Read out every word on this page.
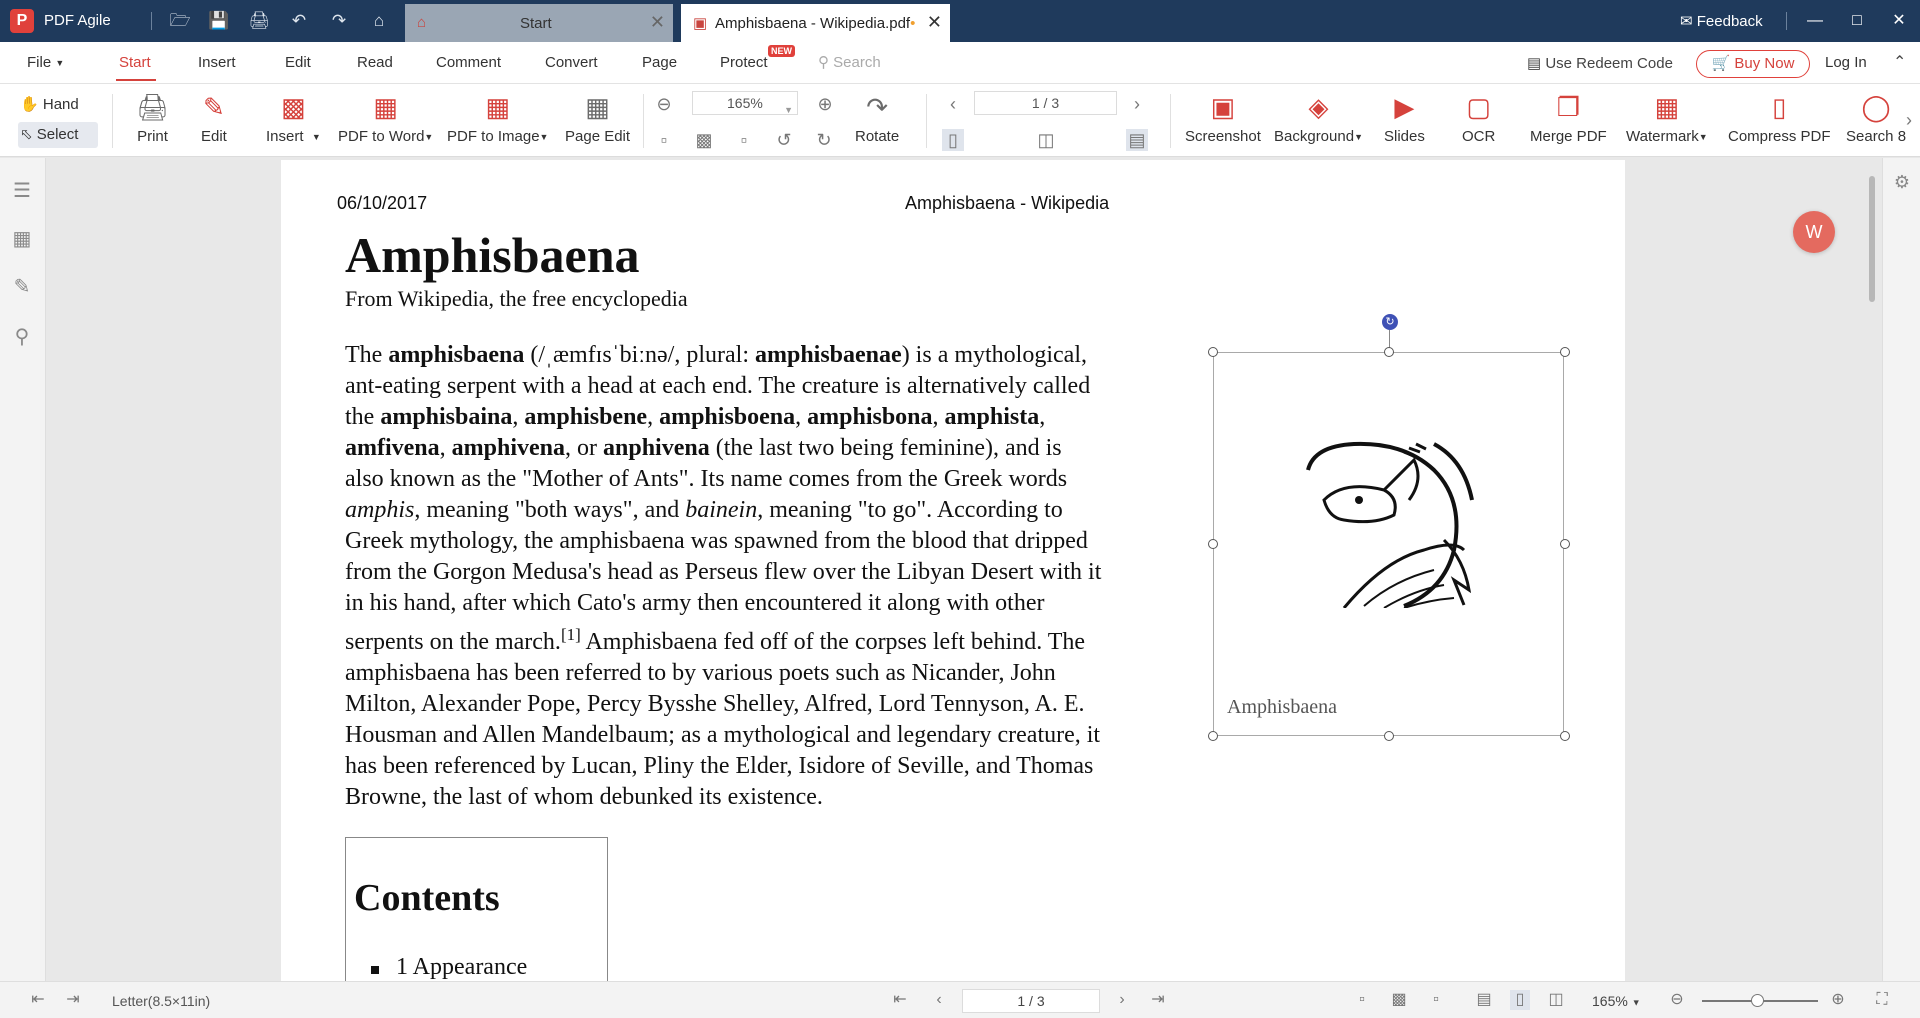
P	PDF Agile	🗁 💾 🖨 ↶ ↷	⌂	⌂	Start	✕ ▣ Amphisbaena - Wikipedia.pdf• ✕	✉ Feedback	—	□	✕
File ▼	Start	Insert	Edit	Read	Comment	Convert	Page	Protect
NEW
⚲ Search	▤ Use Redeem Code	🛒 Buy Now	Log In ⌃
✋ Hand
⬁ Select
🖨
Print
✎
Edit
▩
Insert ▼
▦
PDF to Word▼
▦
PDF to Image▼
▦
Page Edit
⊖	165% ▼ ⊕
▫	▩	▫	↺ ↻
↷
Rotate
‹	1 / 3	›
▯	◫	▤
▣
Screenshot
◈
Background▼
▶
Slides
▢
OCR
❐
Merge PDF
▦
Watermark▼
▯
Compress PDF
◯
Search 8
›
☰
▦
✎
⚲
⚙
W
06/10/2017	Amphisbaena - Wikipedia
Amphisbaena
From Wikipedia, the free encyclopedia
The amphisbaena (/ˌæmfɪsˈbiːnə/, plural: amphisbaenae) is a mythological,
ant-eating serpent with a head at each end. The creature is alternatively called
the amphisbaina, amphisbene, amphisboena, amphisbona, amphista,
amfivena, amphivena, or anphivena (the last two being feminine), and is
also known as the "Mother of Ants". Its name comes from the Greek words
amphis, meaning "both ways", and bainein, meaning "to go". According to
Greek mythology, the amphisbaena was spawned from the blood that dripped
from the Gorgon Medusa's head as Perseus flew over the Libyan Desert with it
in his hand, after which Cato's army then encountered it along with other
serpents on the march.[1] Amphisbaena fed off of the corpses left behind. The
amphisbaena has been referred to by various poets such as Nicander, John
Milton, Alexander Pope, Percy Bysshe Shelley, Alfred, Lord Tennyson, A. E.
Housman and Allen Mandelbaum; as a mythological and legendary creature, it
has been referenced by Lucan, Pliny the Elder, Isidore of Seville, and Thomas
Browne, the last of whom debunked its existence.
↻
Amphisbaena
Contents
1 Appearance
⇤ ⇥ Letter(8.5×11in)	⇤	‹	1 / 3	›	⇥	▫	▩	▫	▤	▯	◫ 165% ▼ ⊖	⊕ ⛶
